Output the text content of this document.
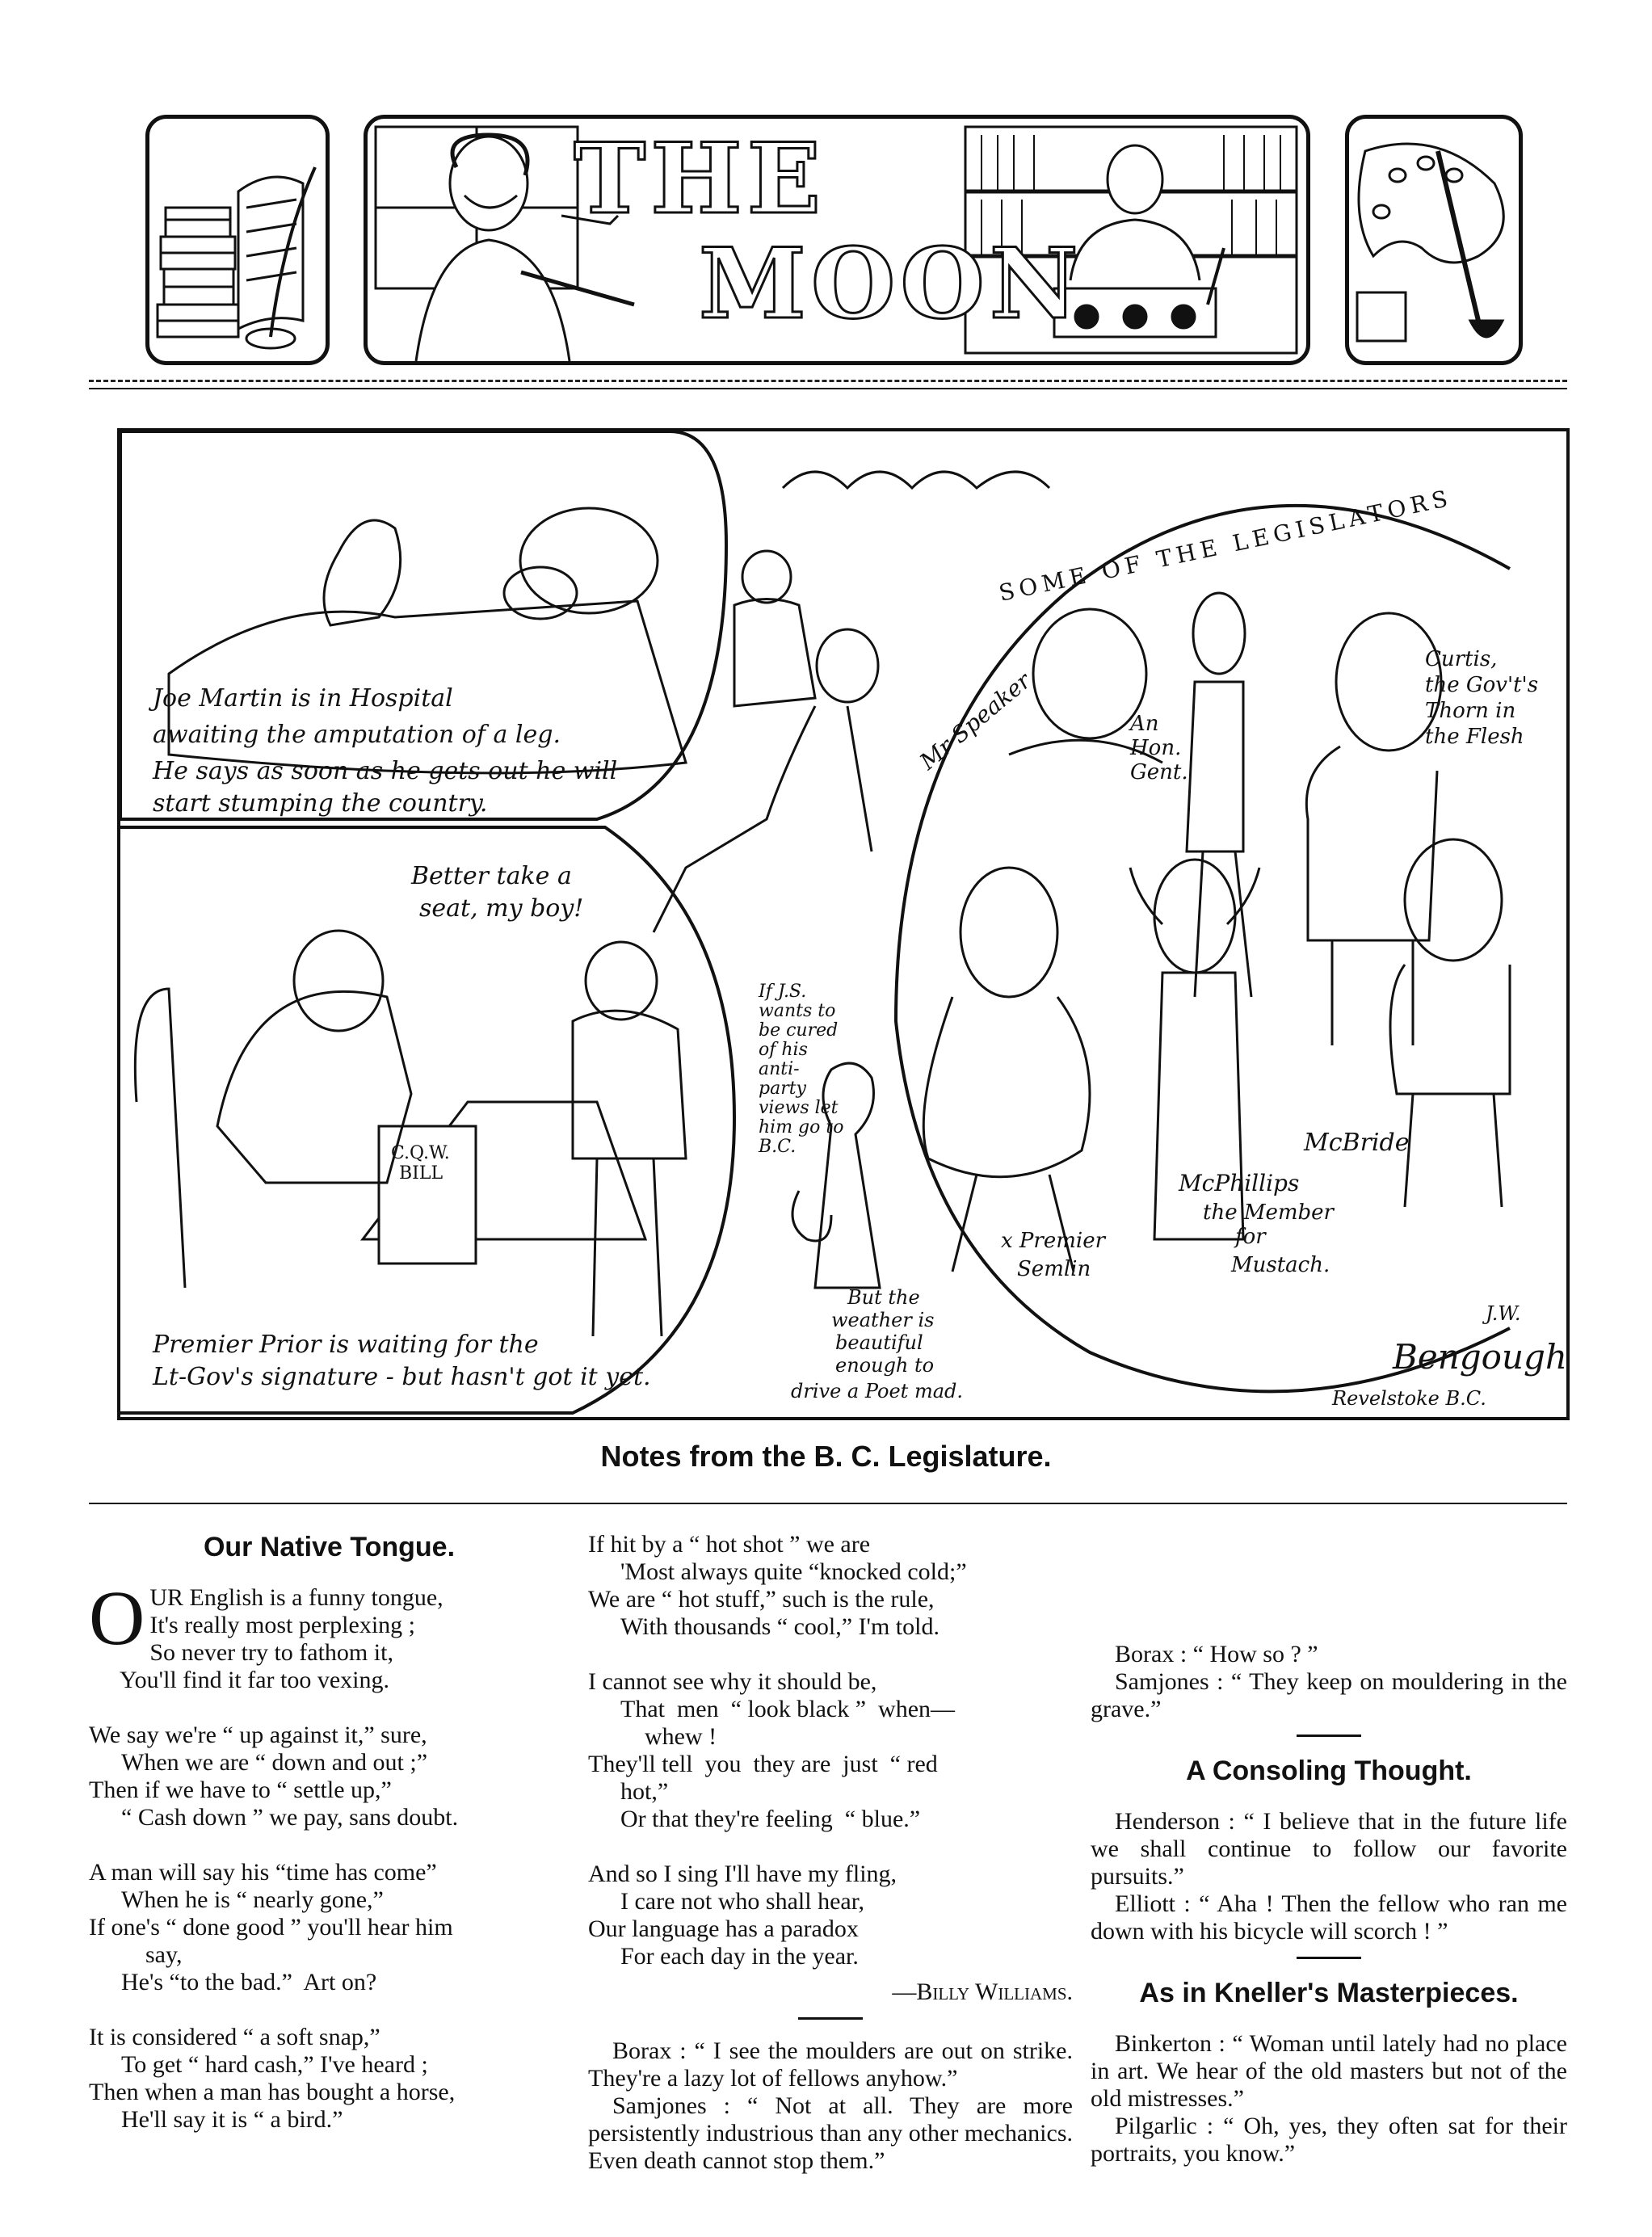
THE
MOON
Joe Martin is in Hospital
awaiting the amputation of a leg.
He says as soon as he gets out he will
start stumping the country.
Better take a
seat, my boy!
C.Q.W.
BILL
Premier Prior is waiting for the
Lt-Gov's signature - but hasn't got it yet.
If J.S.
wants to
be cured
of his
anti-
party
views let
him go to
B.C.
SOME OF THE LEGISLATORS
Mr Speaker	An
Hon.
Gent.
Curtis,
the Gov't's
Thorn in
the Flesh
McBride
McPhillips
the Member
for
Mustach.
x Premier
Semlin
But the
weather is
beautiful
enough to
drive a Poet mad.
J.W.
Bengough
Revelstoke B.C.
Notes from the B. C. Legislature.
Our Native Tongue.
O UR English is a funny tongue,
It's really most perplexing ;
So never try to fathom it,
You'll find it far too vexing.
We say we're “ up against it,” sure,
When we are “ down and out ;”
Then if we have to “ settle up,”
“ Cash down ” we pay, sans doubt.
A man will say his “time has come”
When he is “ nearly gone,”
If one's “ done good ” you'll hear him
say,
He's “to the bad.”  Art on?
It is considered “ a soft snap,”
To get “ hard cash,” I've heard ;
Then when a man has bought a horse,
He'll say it is “ a bird.”
If hit by a “ hot shot ” we are
'Most always quite “knocked cold;”
We are “ hot stuff,” such is the rule,
With thousands “ cool,” I'm told.
I cannot see why it should be,
That  men  “ look black ”  when—
whew !
They'll tell  you  they are  just  “ red
hot,”
Or that they're feeling  “ blue.”
And so I sing I'll have my fling,
I care not who shall hear,
Our language has a paradox
For each day in the year.

—Billy Williams.

Borax : “ I see the moulders are out on strike. They're a lazy lot of fellows anyhow.”

Samjones : “ Not at all. They are more persistently industrious than any other mechanics. Even death cannot stop them.”

Borax : “ How so ? ”

Samjones : “ They keep on mouldering in the grave.”

A Consoling Thought.

Henderson : “ I believe that in the future life we shall continue to follow our favorite pursuits.”

Elliott : “ Aha ! Then the fellow who ran me down with his bicycle will scorch ! ”

As in Kneller's Masterpieces.

Binkerton : “ Woman until lately had no place in art. We hear of the old masters but not of the old mistresses.”

Pilgarlic : “ Oh, yes, they often sat for their portraits, you know.”
